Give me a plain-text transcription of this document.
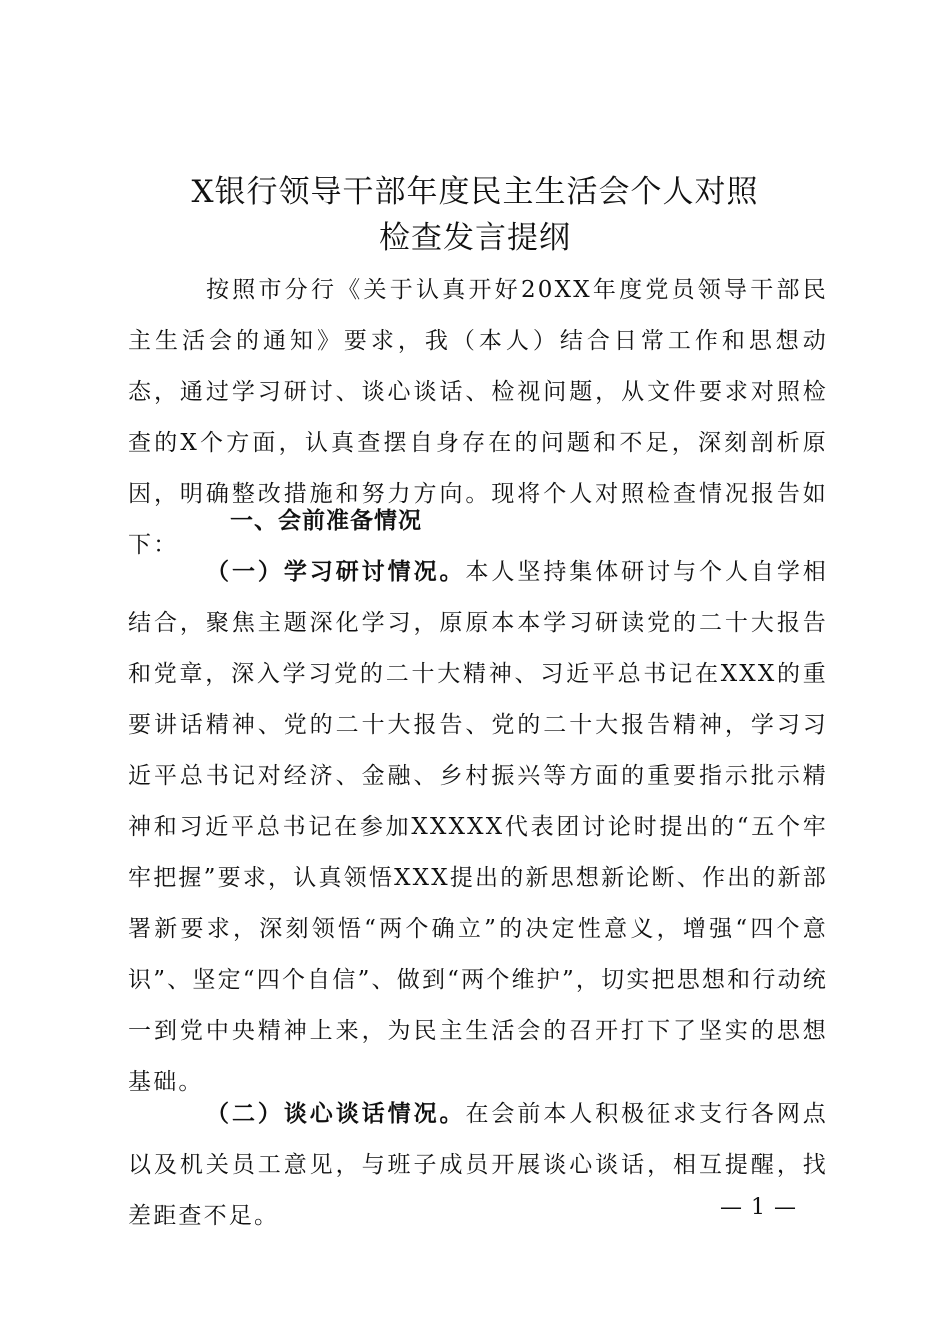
X银行领导干部年度民主生活会个人对照
检查发言提纲

按照市分行《关于认真开好20XX年度党员领导干部民主生活会的通知》要求，我（本人）结合日常工作和思想动态，通过学习研讨、谈心谈话、检视问题，从文件要求对照检查的X个方面，认真查摆自身存在的问题和不足，深刻剖析原因，明确整改措施和努力方向。现将个人对照检查情况报告如下：

一、会前准备情况

（一）学习研讨情况。本人坚持集体研讨与个人自学相结合，聚焦主题深化学习，原原本本学习研读党的二十大报告和党章，深入学习党的二十大精神、习近平总书记在XXX的重要讲话精神、党的二十大报告、党的二十大报告精神，学习习近平总书记对经济、金融、乡村振兴等方面的重要指示批示精神和习近平总书记在参加XXXXX代表团讨论时提出的“五个牢牢把握”要求，认真领悟XXX提出的新思想新论断、作出的新部署新要求，深刻领悟“两个确立”的决定性意义，增强“四个意识”、坚定“四个自信”、做到“两个维护”，切实把思想和行动统一到党中央精神上来，为民主生活会的召开打下了坚实的思想基础。

（二）谈心谈话情况。在会前本人积极征求支行各网点以及机关员工意见，与班子成员开展谈心谈话，相互提醒，找差距查不足。	— 1 —
